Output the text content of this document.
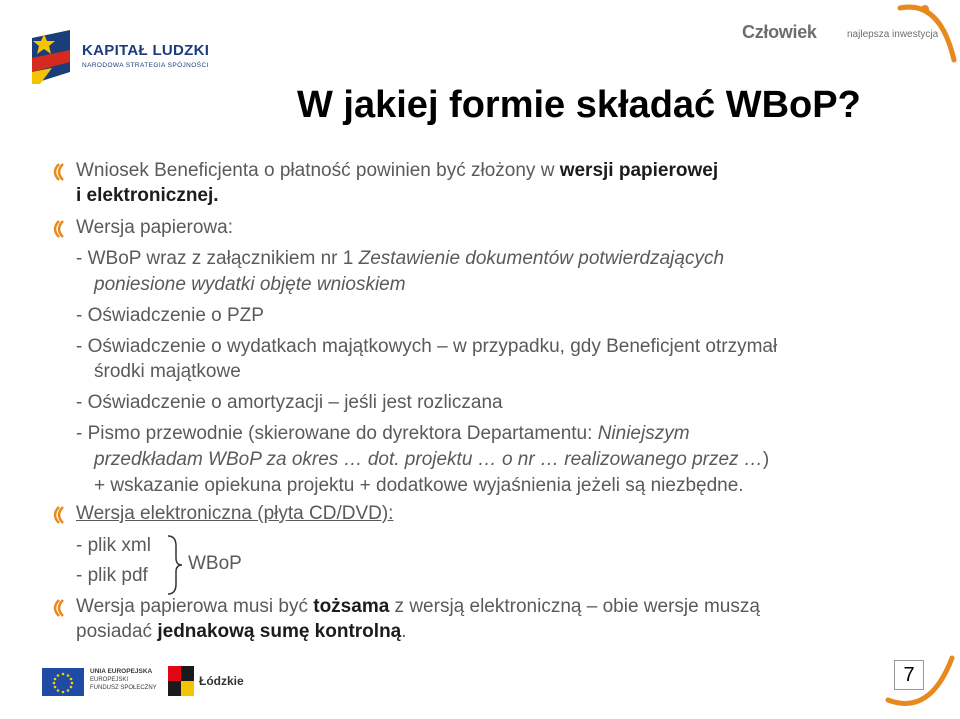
KAPITAŁ LUDZKI
NARODOWA STRATEGIA SPÓJNOŚCI
Człowiek	najlepsza inwestycja
W jakiej formie składać WBoP?
Wniosek Beneficjenta o płatność powinien być złożony w wersji papierowej
i elektronicznej.
Wersja papierowa:
- WBoP wraz z załącznikiem nr 1 Zestawienie dokumentów potwierdzających
poniesione wydatki objęte wnioskiem
- Oświadczenie o PZP
- Oświadczenie o wydatkach majątkowych – w przypadku, gdy Beneficjent otrzymał
środki majątkowe
- Oświadczenie o amortyzacji – jeśli jest rozliczana
- Pismo przewodnie (skierowane do dyrektora Departamentu: Niniejszym
przedkładam WBoP za okres … dot. projektu … o nr … realizowanego przez …)
+ wskazanie opiekuna projektu + dodatkowe wyjaśnienia jeżeli są niezbędne.
Wersja elektroniczna (płyta CD/DVD):
- plik xml
- plik pdf
WBoP
Wersja papierowa musi być tożsama z wersją elektroniczną – obie wersje muszą
posiadać jednakową sumę kontrolną.
UNIA EUROPEJSKA
EUROPEJSKI
FUNDUSZ SPOŁECZNY	Łódzkie	7
